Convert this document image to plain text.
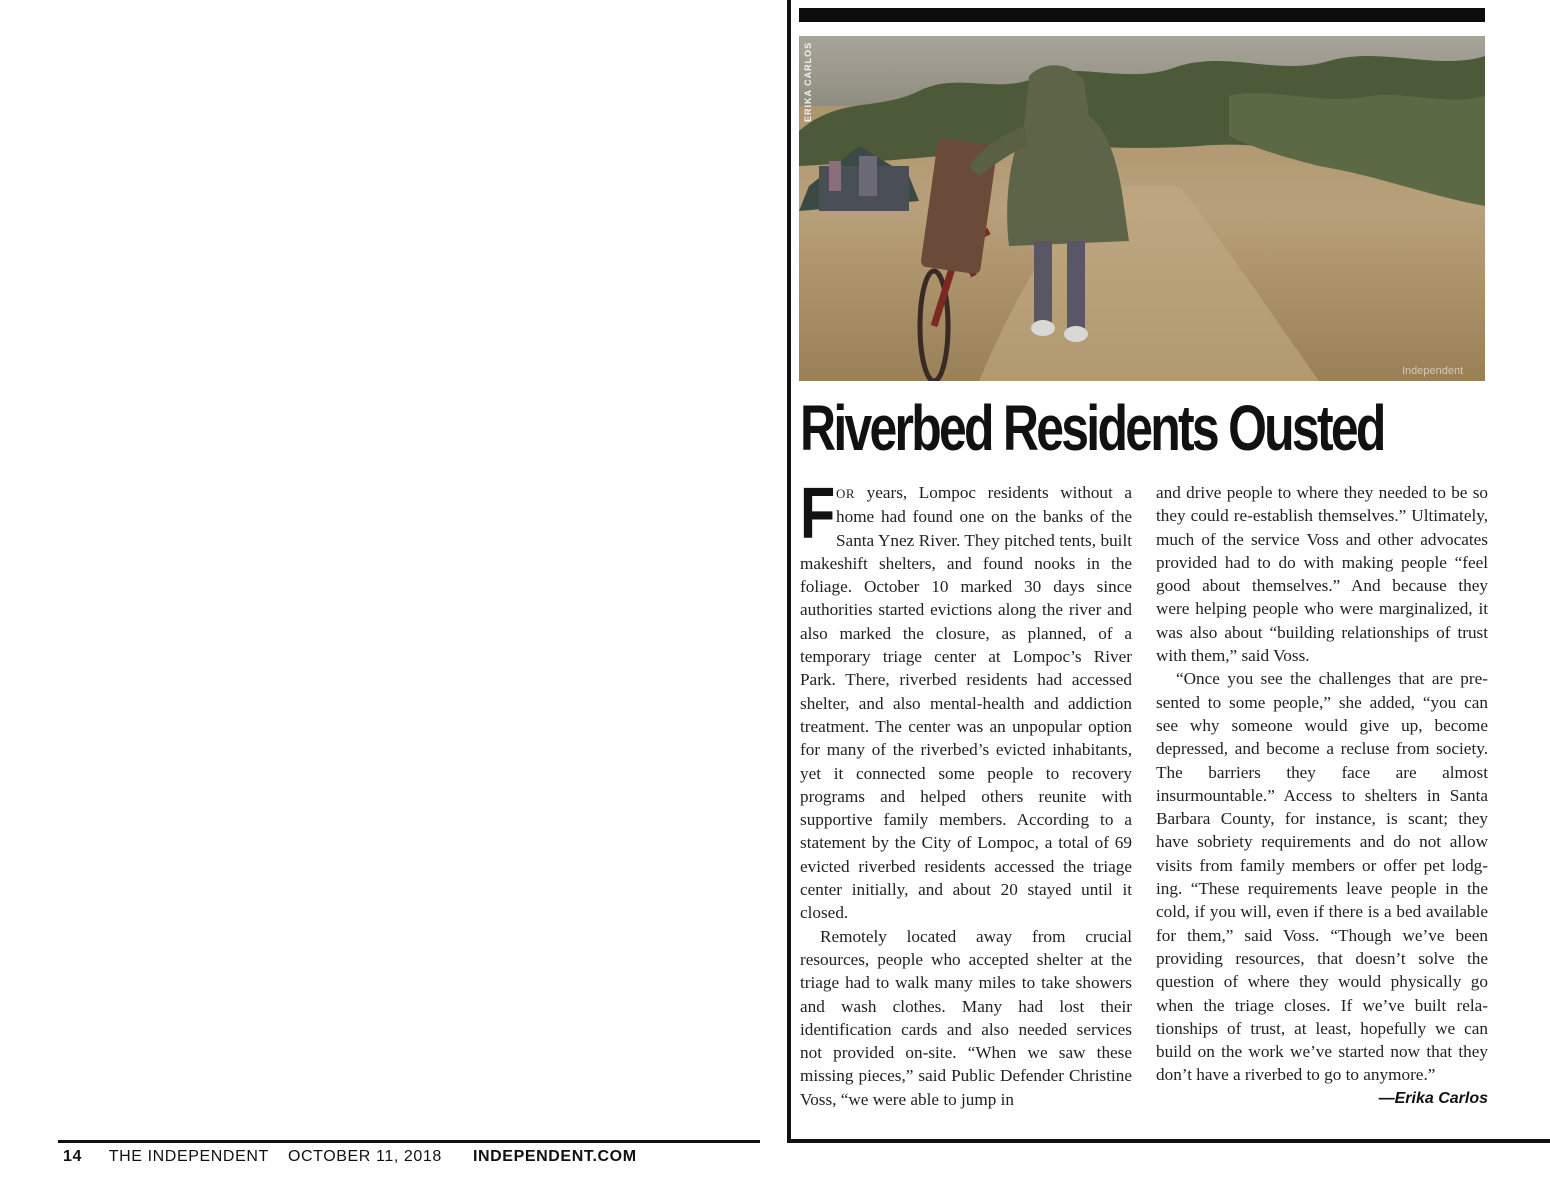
14 THE INDEPENDENT OCTOBER 11, 2018 INDEPENDENT.COM
ERIKA CARLOS
Independent
Riverbed Residents Ousted

FOR years, Lompoc residents without a home had found one on the banks of the Santa Ynez River. They pitched tents, built makeshift shelters, and found nooks in the foliage. October 10 marked 30 days since authorities started evictions along the river and also marked the closure, as planned, of a temporary triage center at Lompoc’s River Park. There, riverbed residents had accessed shelter, and also mental-health and addiction treatment. The center was an unpopular option for many of the riverbed’s evicted inhabitants, yet it connected some people to recovery programs and helped others reunite with supportive family members. According to a statement by the City of Lompoc, a total of 69 evicted riverbed residents accessed the triage center initially, and about 20 stayed until it closed.

Remotely located away from crucial resources, people who accepted shelter at the triage had to walk many miles to take showers and wash clothes. Many had lost their identification cards and also needed services not provided on-site. “When we saw these missing pieces,” said Public Defender Christine Voss, “we were able to jump in

and drive people to where they needed to be so they could re-establish themselves.” Ultimately, much of the service Voss and other advocates provided had to do with making people “feel good about themselves.” And because they were helping people who were marginalized, it was also about “building relationships of trust with them,” said Voss.

“Once you see the challenges that are presented to some people,” she added, “you can see why someone would give up, become depressed, and become a recluse from society. The barriers they face are almost insurmountable.” Access to shelters in Santa Barbara County, for instance, is scant; they have sobriety requirements and do not allow visits from family members or offer pet lodging. “These requirements leave people in the cold, if you will, even if there is a bed available for them,” said Voss. “Though we’ve been providing resources, that doesn’t solve the question of where they would physically go when the triage closes. If we’ve built relationships of trust, at least, hopefully we can build on the work we’ve started now that they don’t have a riverbed to go to anymore.”

—Erika Carlos
